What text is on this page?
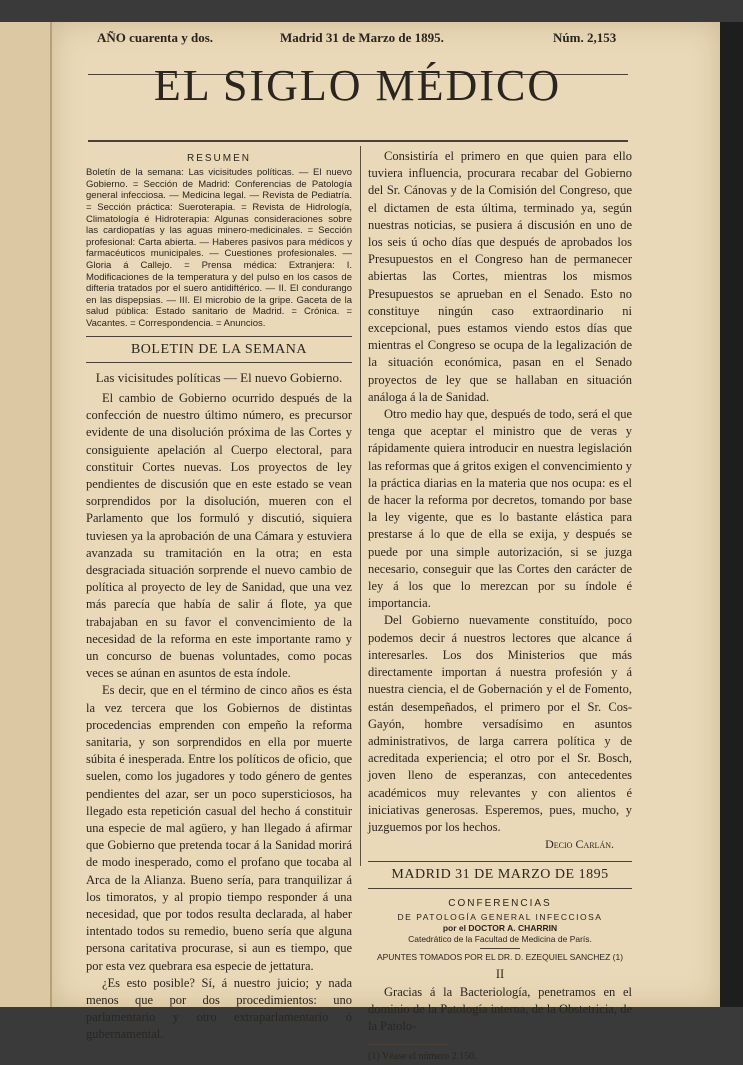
AÑO cuarenta y dos.	Madrid 31 de Marzo de 1895.	Núm. 2,153
EL SIGLO MÉDICO
RESUMEN
Boletín de la semana: Las vicisitudes políticas. — El nuevo Gobierno. = Sección de Madrid: Conferencias de Patología general infecciosa. — Medicina legal. — Revista de Pediatría. = Sección práctica: Sueroterapia. = Revista de Hidrología, Climatología é Hidroterapia: Algunas consideraciones sobre las cardiopatías y las aguas minero-medicinales. = Sección profesional: Carta abierta. — Haberes pasivos para médicos y farmacéuticos municipales. — Cuestiones profesionales. — Gloria á Callejo. = Prensa médica: Extranjera: I. Modificaciones de la temperatura y del pulso en los casos de difteria tratados por el suero antidiftérico. — II. El condurango en las dispepsias. — III. El microbio de la gripe. Gaceta de la salud pública: Estado sanitario de Madrid. = Crónica. = Vacantes. = Correspondencia. = Anuncios.
BOLETIN DE LA SEMANA
Las vicisitudes políticas — El nuevo Gobierno.

El cambio de Gobierno ocurrido después de la confección de nuestro último número, es precursor evidente de una disolución próxima de las Cortes y consiguiente apelación al Cuerpo electoral, para constituir Cortes nuevas. Los proyectos de ley pendientes de discusión que en este estado se vean sorprendidos por la disolución, mueren con el Parlamento que los formuló y discutió, siquiera tuviesen ya la aprobación de una Cámara y estuviera avanzada su tramitación en la otra; en esta desgraciada situación sorprende el nuevo cambio de política al proyecto de ley de Sanidad, que una vez más parecía que había de salir á flote, ya que trabajaban en su favor el convencimiento de la necesidad de la reforma en este importante ramo y un concurso de buenas voluntades, como pocas veces se aúnan en asuntos de esta índole.

Es decir, que en el término de cinco años es ésta la vez tercera que los Gobiernos de distintas procedencias emprenden con empeño la reforma sanitaria, y son sorprendidos en ella por muerte súbita é inesperada. Entre los políticos de oficio, que suelen, como los jugadores y todo género de gentes pendientes del azar, ser un poco supersticiosos, ha llegado esta repetición casual del hecho á constituir una especie de mal agüero, y han llegado á afirmar que Gobierno que pretenda tocar á la Sanidad morirá de modo inesperado, como el profano que tocaba al Arca de la Alianza. Bueno sería, para tranquilizar á los timoratos, y al propio tiempo responder á una necesidad, que por todos resulta declarada, al haber intentado todos su remedio, bueno sería que alguna persona caritativa procurase, si aun es tiempo, que por esta vez quebrara esa especie de jettatura.

¿Es esto posible? Sí, á nuestro juicio; y nada menos que por dos procedimientos: uno parlamentario y otro extraparlamentario ó gubernamental.

Consistiría el primero en que quien para ello tuviera influencia, procurara recabar del Gobierno del Sr. Cánovas y de la Comisión del Congreso, que el dictamen de esta última, terminado ya, según nuestras noticias, se pusiera á discusión en uno de los seis ú ocho días que después de aprobados los Presupuestos en el Congreso han de permanecer abiertas las Cortes, mientras los mismos Presupuestos se aprueban en el Senado. Esto no constituye ningún caso extraordinario ni excepcional, pues estamos viendo estos días que mientras el Congreso se ocupa de la legalización de la situación económica, pasan en el Senado proyectos de ley que se hallaban en situación análoga á la de Sanidad.

Otro medio hay que, después de todo, será el que tenga que aceptar el ministro que de veras y rápidamente quiera introducir en nuestra legislación las reformas que á gritos exigen el convencimiento y la práctica diarias en la materia que nos ocupa: es el de hacer la reforma por decretos, tomando por base la ley vigente, que es lo bastante elástica para prestarse á lo que de ella se exija, y después se puede por una simple autorización, si se juzga necesario, conseguir que las Cortes den carácter de ley á los que lo merezcan por su índole é importancia.

Del Gobierno nuevamente constituído, poco podemos decir á nuestros lectores que alcance á interesarles. Los dos Ministerios que más directamente importan á nuestra profesión y á nuestra ciencia, el de Gobernación y el de Fomento, están desempeñados, el primero por el Sr. Cos-Gayón, hombre versadísimo en asuntos administrativos, de larga carrera política y de acreditada experiencia; el otro por el Sr. Bosch, joven lleno de esperanzas, con antecedentes académicos muy relevantes y con alientos é iniciativas generosas. Esperemos, pues, mucho, y juzguemos por los hechos.

Decio Carlán.
MADRID 31 DE MARZO DE 1895
CONFERENCIAS
DE PATOLOGÍA GENERAL INFECCIOSA
por el DOCTOR A. CHARRIN
Catedrático de la Facultad de Medicina de París.
APUNTES TOMADOS POR EL DR. D. EZEQUIEL SANCHEZ (1)
II

Gracias á la Bacteriología, penetramos en el dominio de la Patología interna, de la Obstetricia, de la Patolo-

(1) Véase el número 2.150.
